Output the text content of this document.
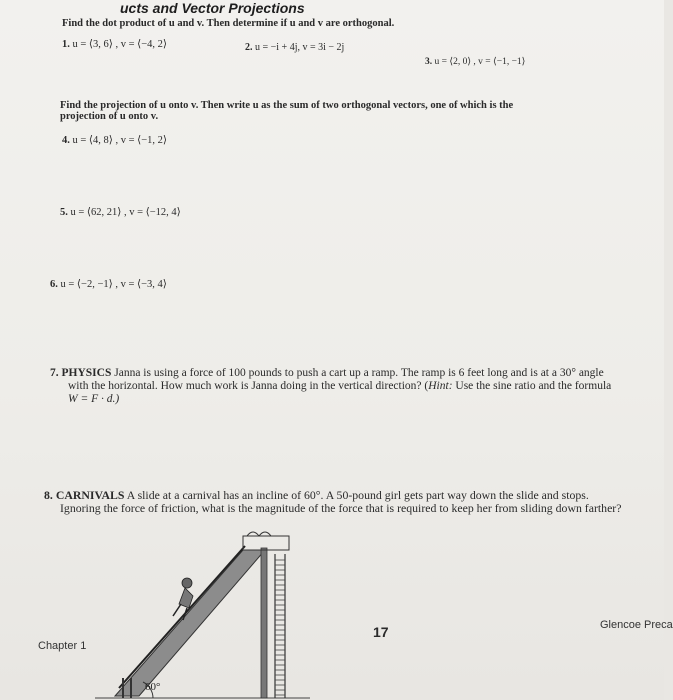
ucts and Vector Projections
Find the dot product of u and v. Then determine if u and v are orthogonal.
1. u = ⟨3, 6⟩ , v = ⟨−4, 2⟩	2. u = −i + 4j, v = 3i − 2j
3. u = ⟨2, 0⟩ , v = ⟨−1, −1⟩
Find the projection of u onto v. Then write u as the sum of two orthogonal vectors, one of which is the
projection of u onto v.
4. u = ⟨4, 8⟩ , v = ⟨−1, 2⟩
5. u = ⟨62, 21⟩ , v = ⟨−12, 4⟩
6. u = ⟨−2, −1⟩ , v = ⟨−3, 4⟩
7. PHYSICS Janna is using a force of 100 pounds to push a cart up a ramp. The ramp is 6 feet long and is at a 30° angle
with the horizontal. How much work is Janna doing in the vertical direction? (Hint: Use the sine ratio and the formula
W = F · d.)
8. CARNIVALS A slide at a carnival has an incline of 60°. A 50-pound girl gets part way down the slide and stops.
Ignoring the force of friction, what is the magnitude of the force that is required to keep her from sliding down farther?
60°
Chapter 1
17	Glencoe Preca
